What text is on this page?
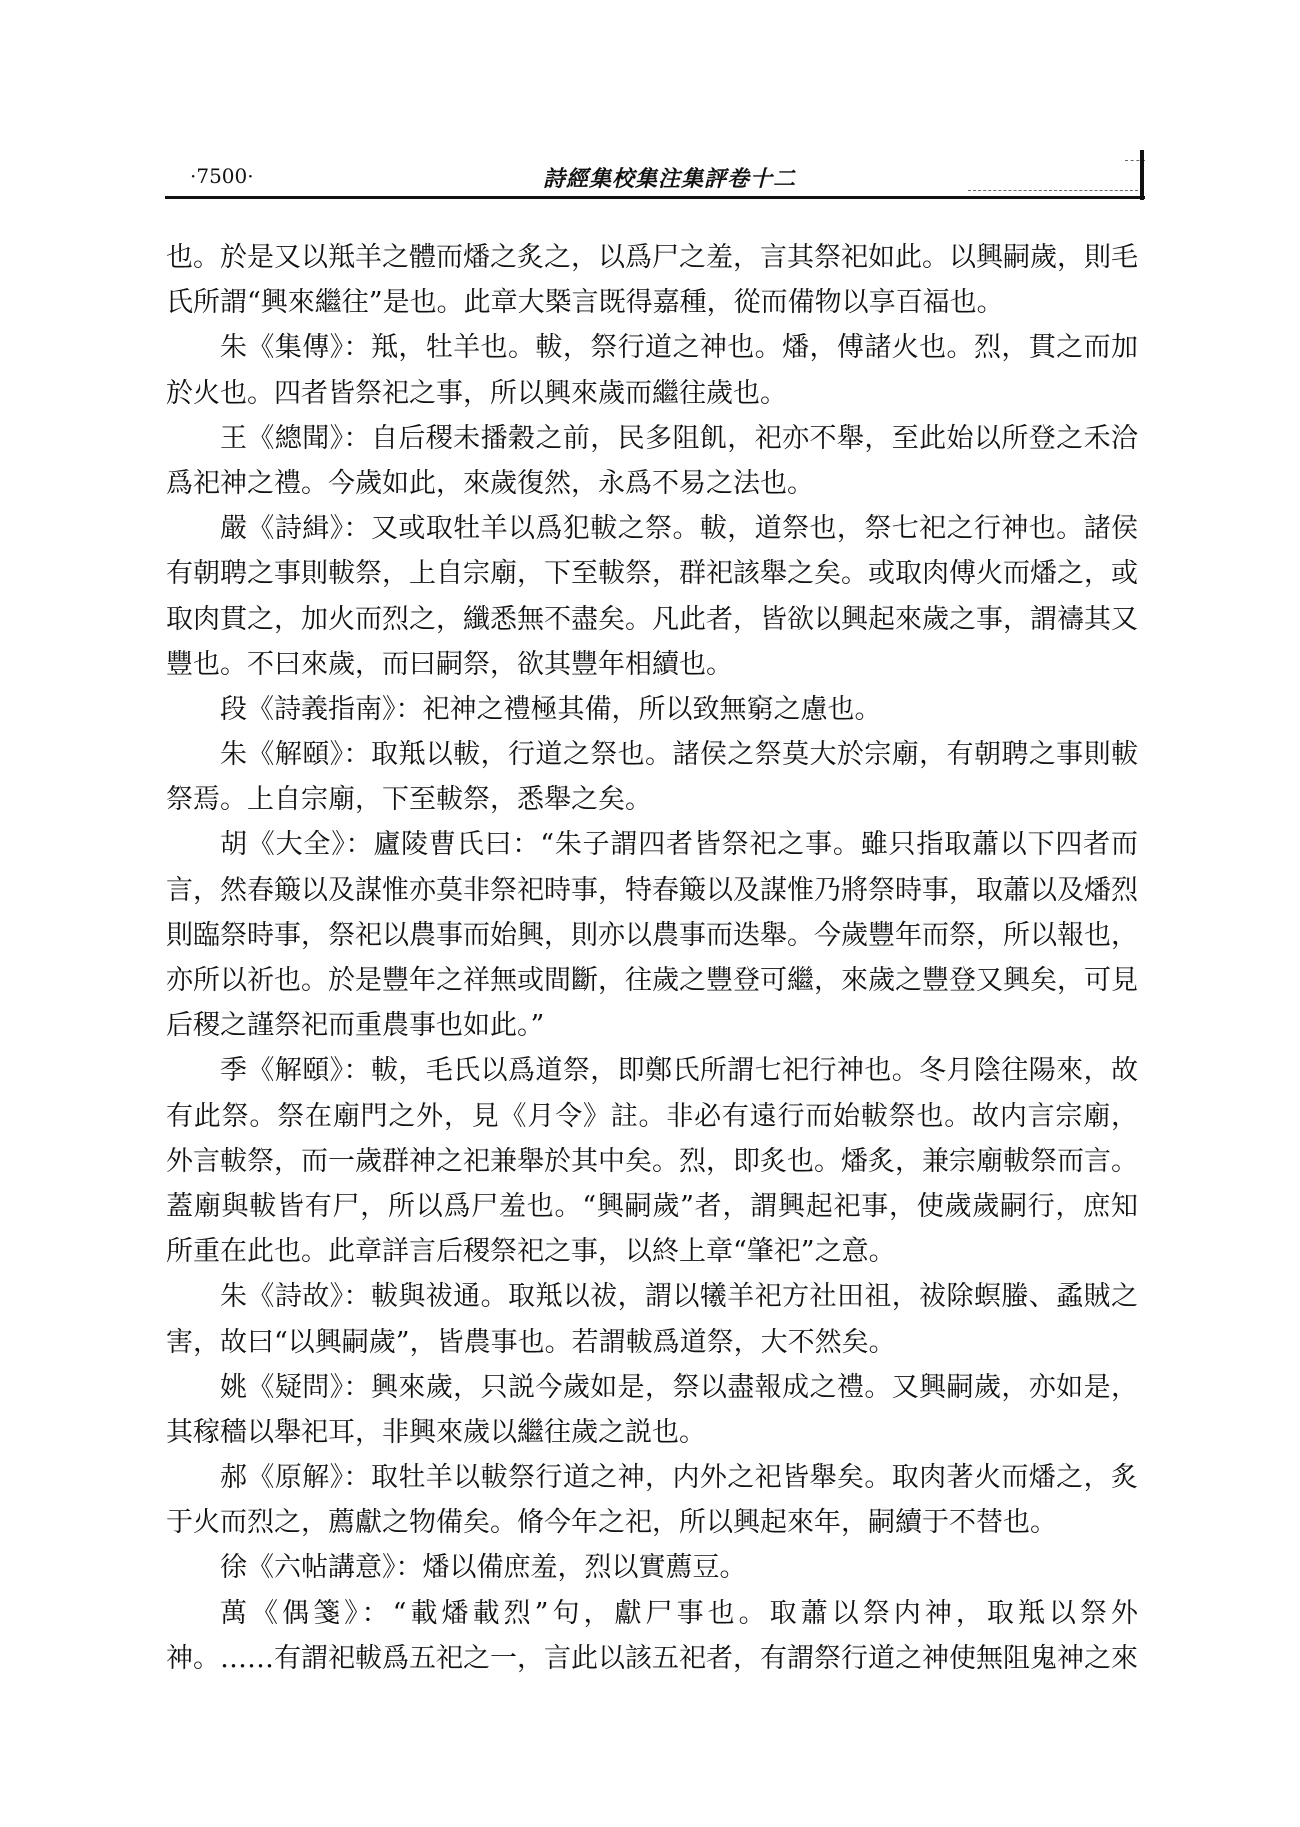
·7500·	詩經集校集注集評卷十二
也。於是又以羝羊之體而燔之炙之，以爲尸之羞，言其祭祀如此。以興嗣歲，則毛
氏所謂“興來繼往”是也。此章大槩言既得嘉種，從而備物以享百福也。
朱《集傳》：羝，牡羊也。軷，祭行道之神也。燔，傅諸火也。烈，貫之而加
於火也。四者皆祭祀之事，所以興來歲而繼往歲也。
王《總聞》：自后稷未播穀之前，民多阻飢，祀亦不舉，至此始以所登之禾洽
爲祀神之禮。今歲如此，來歲復然，永爲不易之法也。
嚴《詩緝》：又或取牡羊以爲犯軷之祭。軷，道祭也，祭七祀之行神也。諸侯
有朝聘之事則軷祭，上自宗廟，下至軷祭，群祀該舉之矣。或取肉傅火而燔之，或
取肉貫之，加火而烈之，纖悉無不盡矣。凡此者，皆欲以興起來歲之事，謂禱其又
豐也。不曰來歲，而曰嗣祭，欲其豐年相續也。
段《詩義指南》：祀神之禮極其備，所以致無窮之慮也。
朱《解頤》：取羝以軷，行道之祭也。諸侯之祭莫大於宗廟，有朝聘之事則軷
祭焉。上自宗廟，下至軷祭，悉舉之矣。
胡《大全》：廬陵曹氏曰：“朱子謂四者皆祭祀之事。雖只指取蕭以下四者而
言，然春簸以及謀惟亦莫非祭祀時事，特春簸以及謀惟乃將祭時事，取蕭以及燔烈
則臨祭時事，祭祀以農事而始興，則亦以農事而迭舉。今歲豐年而祭，所以報也，
亦所以祈也。於是豐年之祥無或間斷，往歲之豐登可繼，來歲之豐登又興矣，可見
后稷之謹祭祀而重農事也如此。”
季《解頤》：軷，毛氏以爲道祭，即鄭氏所謂七祀行神也。冬月陰往陽來，故
有此祭。祭在廟門之外，見《月令》註。非必有遠行而始軷祭也。故内言宗廟，
外言軷祭，而一歲群神之祀兼舉於其中矣。烈，即炙也。燔炙，兼宗廟軷祭而言。
蓋廟與軷皆有尸，所以爲尸羞也。“興嗣歲”者，謂興起祀事，使歲歲嗣行，庶知
所重在此也。此章詳言后稷祭祀之事，以終上章“肇祀”之意。
朱《詩故》：軷與祓通。取羝以祓，謂以犧羊祀方社田祖，祓除螟螣、蟊賊之
害，故曰“以興嗣歲”，皆農事也。若謂軷爲道祭，大不然矣。
姚《疑問》：興來歲，只説今歲如是，祭以盡報成之禮。又興嗣歲，亦如是，
其稼穡以舉祀耳，非興來歲以繼往歲之説也。
郝《原解》：取牡羊以軷祭行道之神，内外之祀皆舉矣。取肉著火而燔之，炙
于火而烈之，薦獻之物備矣。脩今年之祀，所以興起來年，嗣續于不替也。
徐《六帖講意》：燔以備庶羞，烈以實薦豆。
萬《偶箋》：“載燔載烈”句，獻尸事也。取蕭以祭内神，取羝以祭外
神。……有謂祀軷爲五祀之一，言此以該五祀者，有謂祭行道之神使無阻鬼神之來
